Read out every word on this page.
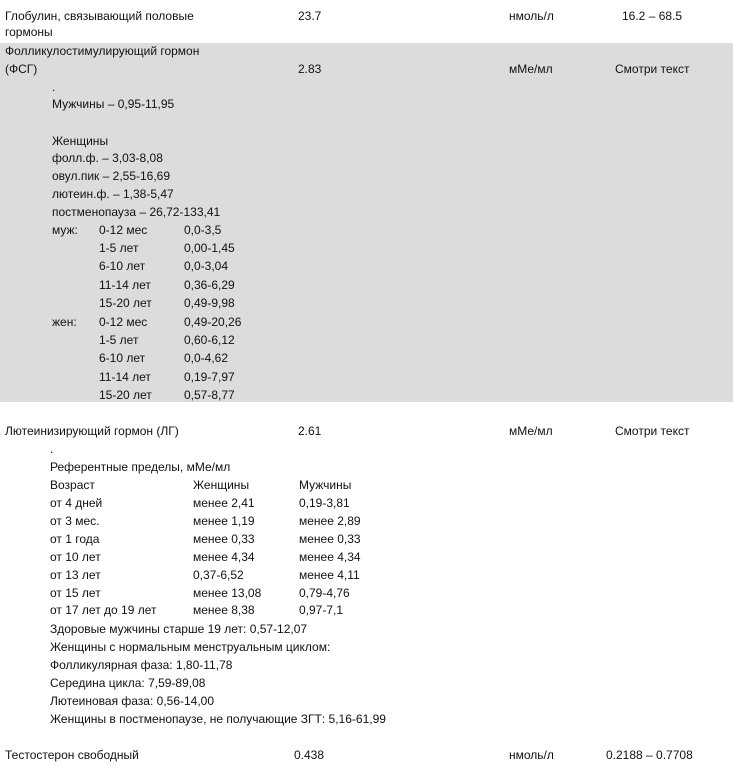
Глобулин, связывающий половые
гормоны
23.7	нмоль/л	16.2 – 68.5
Фолликулостимулирующий гормон
(ФСГ)	2.83	мМе/мл	Смотри текст
.
Мужчины – 0,95-11,95
Женщины
фолл.ф. – 3,03-8,08
овул.пик – 2,55-16,69
лютеин.ф. – 1,38-5,47
постменопауза – 26,72-133,41
муж: 0-12 мес	0,0-3,5
1-5 лет	0,00-1,45
6-10 лет	0,0-3,04
11-14 лет	0,36-6,29
15-20 лет	0,49-9,98
жен: 0-12 мес	0,49-20,26
1-5 лет	0,60-6,12
6-10 лет	0,0-4,62
11-14 лет	0,19-7,97
15-20 лет	0,57-8,77
Лютеинизирующий гормон (ЛГ)	2.61	мМе/мл	Смотри текст
.
Референтные пределы, мМе/мл
Возраст	Женщины	Мужчины
от 4 дней	менее 2,41	0,19-3,81
от 3 мес.	менее 1,19	менее 2,89
от 1 года	менее 0,33	менее 0,33
от 10 лет	менее 4,34	менее 4,34
от 13 лет	0,37-6,52	менее 4,11
от 15 лет	менее 13,08	0,79-4,76
от 17 лет до 19 лет	менее 8,38	0,97-7,1
Здоровые мужчины старше 19 лет: 0,57-12,07
Женщины с нормальным менструальным циклом:
Фолликулярная фаза: 1,80-11,78
Середина цикла: 7,59-89,08
Лютеиновая фаза: 0,56-14,00
Женщины в постменопаузе, не получающие ЗГТ: 5,16-61,99
Тестостерон свободный	0.438	нмоль/л	0.2188 – 0.7708
